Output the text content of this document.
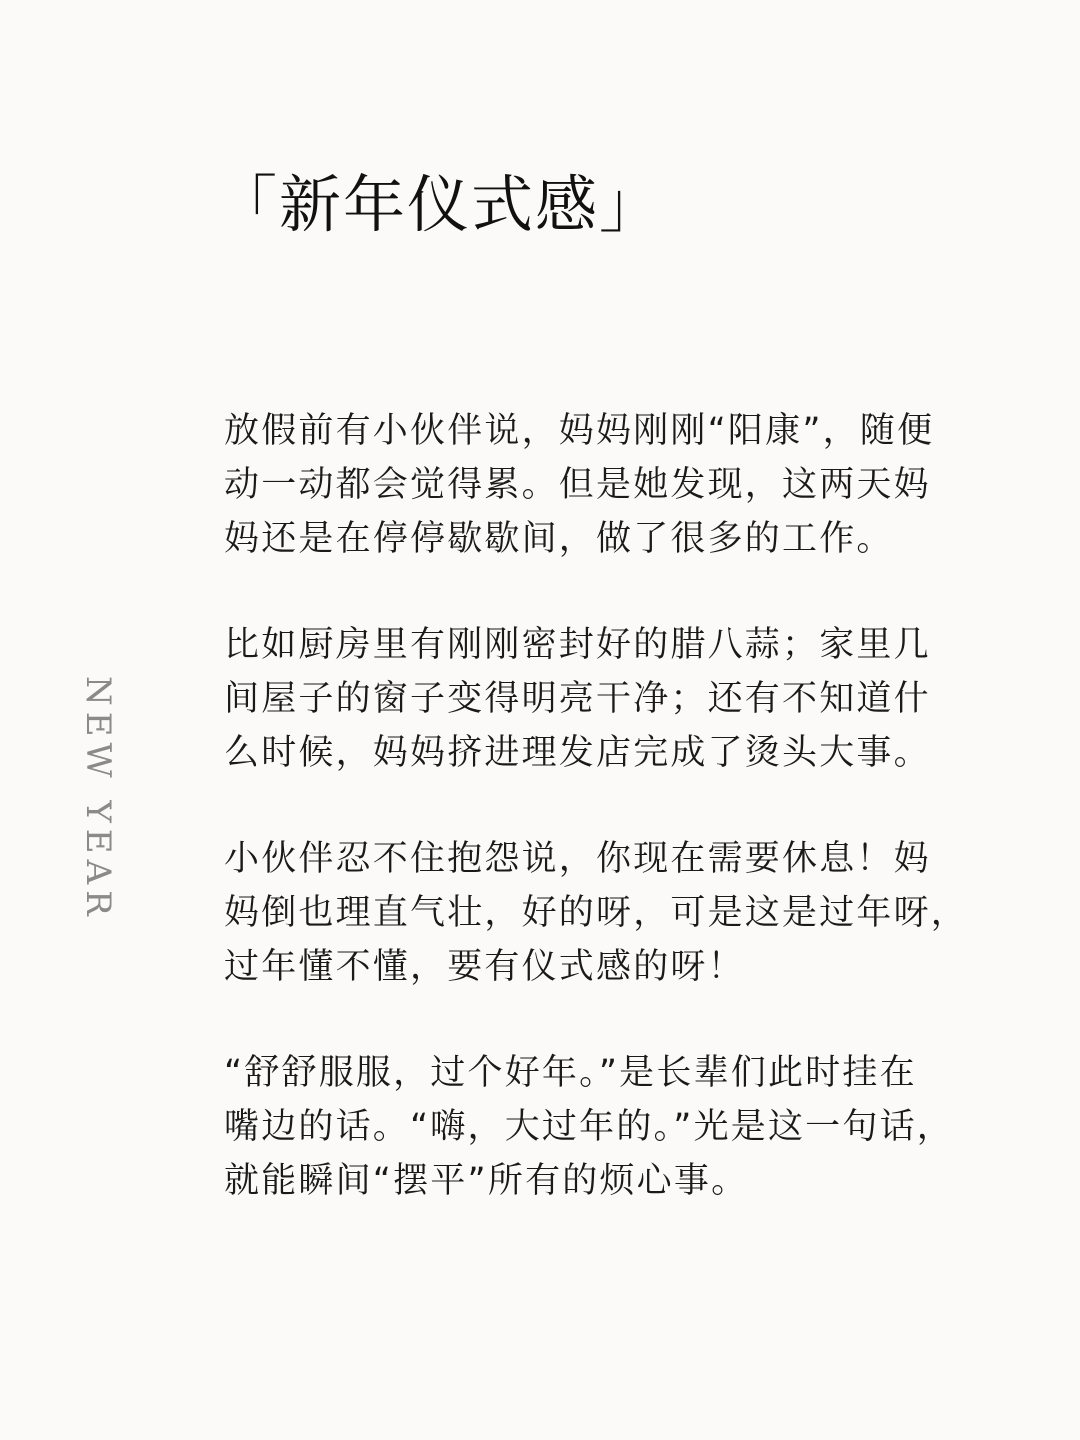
「新年仪式感」
NEW YEAR
放假前有小伙伴说，妈妈刚刚“阳康”，随便
动一动都会觉得累。但是她发现，这两天妈
妈还是在停停歇歇间，做了很多的工作。
比如厨房里有刚刚密封好的腊八蒜；家里几
间屋子的窗子变得明亮干净；还有不知道什
么时候，妈妈挤进理发店完成了烫头大事。
小伙伴忍不住抱怨说，你现在需要休息！妈
妈倒也理直气壮，好的呀，可是这是过年呀，
过年懂不懂，要有仪式感的呀！
“舒舒服服，过个好年。”是长辈们此时挂在
嘴边的话。“嗨，大过年的。”光是这一句话，
就能瞬间“摆平”所有的烦心事。
